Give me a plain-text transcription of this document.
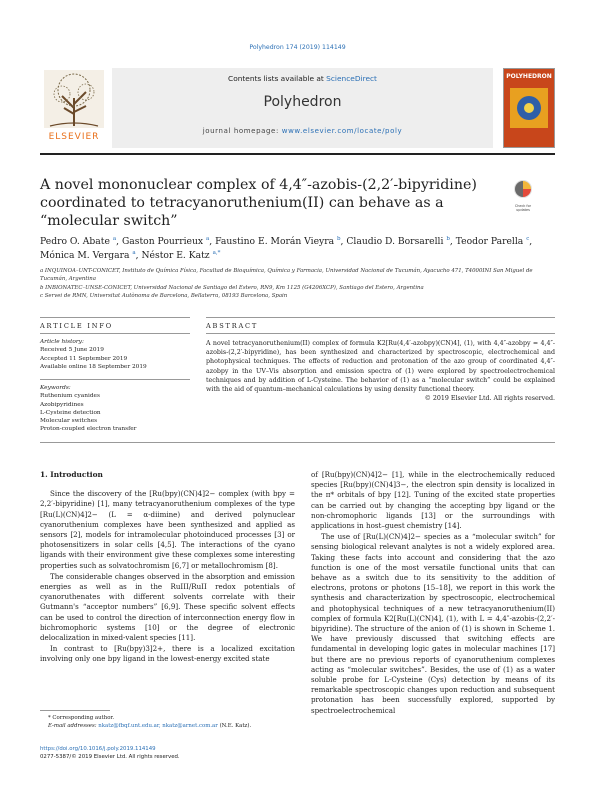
Polyhedron 174 (2019) 114149
ELSEVIER
Contents lists available at ScienceDirect
Polyhedron
journal homepage: www.elsevier.com/locate/poly
POLYHEDRON
A novel mononuclear complex of 4,4″-azobis-(2,2′-bipyridine) coordinated to tetracyanoruthenium(II) can behave as a “molecular switch”
Check for updates
Pedro O. Abate $^a$, Gaston Pourrieux $^a$, Faustino E. Morán Vieyra $^b$, Claudio D. Borsarelli $^b$, Teodor Parella $^c$,
Mónica M. Vergara $^a$, Néstor E. Katz $^{a,*}$
a INQUINOA–UNT-CONICET, Instituto de Química Física, Facultad de Bioquímica, Química y Farmacia, Universidad Nacional de Tucumán, Ayacucho 471, T4000INI San Miguel de Tucumán, Argentina
b INBIONATEC–UNSE-CONICET, Universidad Nacional de Santiago del Estero, RN9, Km 1125 (G4206XCP), Santiago del Estero, Argentina
c Servei de RMN, Universitat Autònoma de Barcelona, Bellaterra, 08193 Barcelona, Spain
ARTICLE INFO
Article history:
Received 5 June 2019
Accepted 11 September 2019
Available online 18 September 2019
Keywords:
Ruthenium cyanides
Azobipyridines
L-Cysteine detection
Molecular switches
Proton-coupled electron transfer
ABSTRACT
A novel tetracyanoruthenium(II) complex of formula K2[Ru(4,4′-azobpy)(CN)4], (1), with 4,4″-azobpy = 4,4″-azobis-(2,2′-bipyridine), has been synthesized and characterized by spectroscopic, electrochemical and photophysical techniques. The effects of reduction and protonation of the azo group of coordinated 4,4″-azobpy in the UV–Vis absorption and emission spectra of (1) were explored by spectroelectrochemical techniques and by addition of L-Cysteine. The behavior of (1) as a “molecular switch” could be explained with the aid of quantum–mechanical calculations by using density functional theory.
© 2019 Elsevier Ltd. All rights reserved.
1. Introduction

Since the discovery of the [Ru(bpy)(CN)4]2− complex (with bpy = 2,2′-bipyridine) [1], many tetracyanoruthenium complexes of the type [Ru(L)(CN)4]2− (L = α-diimine) and derived polynuclear cyanoruthenium complexes have been synthesized and applied as sensors [2], models for intramolecular photoinduced processes [3] or photosensitizers in solar cells [4,5]. The interactions of the cyano ligands with their environment give these complexes some interesting properties such as solvatochromism [6,7] or metallochromism [8].

The considerable changes observed in the absorption and emission energies as well as in the RuIII/RuII redox potentials of cyanoruthenates with different solvents correlate with their Gutmann's “acceptor numbers” [6,9]. These specific solvent effects can be used to control the direction of interconnection energy flow in bichromophoric systems [10] or the degree of electronic delocalization in mixed-valent species [11].

In contrast to [Ru(bpy)3]2+, there is a localized excitation involving only one bpy ligand in the lowest-energy excited state

* Corresponding author.
E-mail addresses: nkatz@fbqf.unt.edu.ar, nkatz@arnet.com.ar (N.E. Katz).
https://doi.org/10.1016/j.poly.2019.114149
0277-5387/© 2019 Elsevier Ltd. All rights reserved.

of [Ru(bpy)(CN)4]2− [1], while in the electrochemically reduced species [Ru(bpy)(CN)4]3−, the electron spin density is localized in the π* orbitals of bpy [12]. Tuning of the excited state properties can be carried out by changing the accepting bpy ligand or the non-chromophoric ligands [13] or the surroundings with applications in host–guest chemistry [14].

The use of [Ru(L)(CN)4]2− species as a “molecular switch” for sensing biological relevant analytes is not a widely explored area. Taking these facts into account and considering that the azo function is one of the most versatile functional units that can behave as a switch due to its sensitivity to the addition of electrons, protons or photons [15–18], we report in this work the synthesis and characterization by spectroscopic, electrochemical and photophysical techniques of a new tetracyanoruthenium(II) complex of formula K2[Ru(L)(CN)4], (1), with L = 4,4″-azobis-(2,2′-bipyridine). The structure of the anion of (1) is shown in Scheme 1. We have previously discussed that switching effects are fundamental in developing logic gates in molecular machines [17] but there are no previous reports of cyanoruthenium complexes acting as “molecular switches”. Besides, the use of (1) as a water soluble probe for L-Cysteine (Cys) detection by means of its remarkable spectroscopic changes upon reduction and subsequent protonation has been successfully explored, supported by spectroelectrochemical
